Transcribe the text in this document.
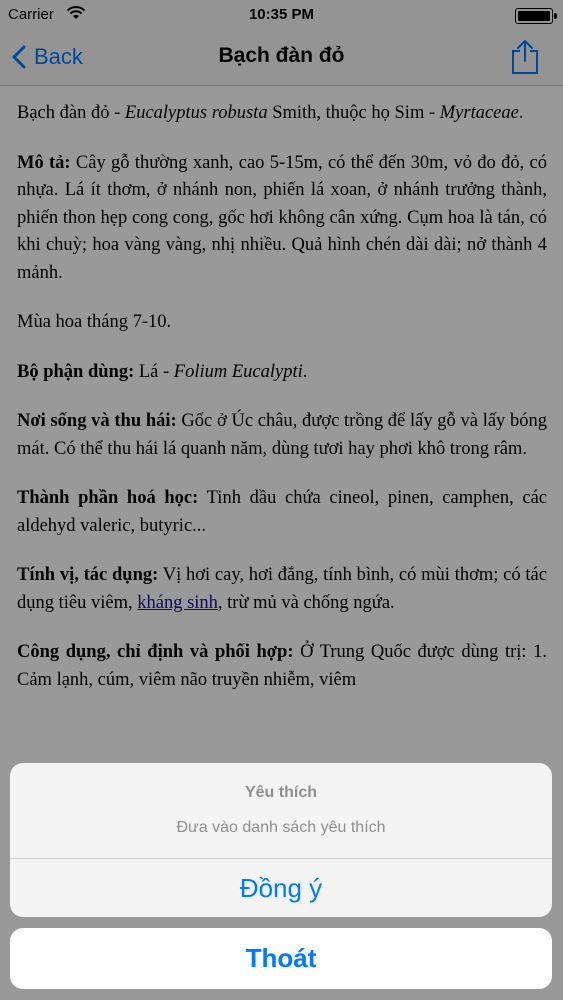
Carrier	10:35 PM
Back	Bạch đàn đỏ

Bạch đàn đỏ - Eucalyptus robusta Smith, thuộc họ Sim - Myrtaceae.

Mô tả: Cây gỗ thường xanh, cao 5-15m, có thể đến 30m, vỏ đo đỏ, có nhựa. Lá ít thơm, ở nhánh non, phiến lá xoan, ở nhánh trưởng thành, phiến thon hẹp cong cong, gốc hơi không cân xứng. Cụm hoa là tán, có khi chuỳ; hoa vàng vàng, nhị nhiều. Quả hình chén dài dài; nở thành 4 mảnh.

Mùa hoa tháng 7-10.

Bộ phận dùng: Lá - Folium Eucalypti.

Nơi sống và thu hái: Gốc ở Úc châu, được trồng để lấy gỗ và lấy bóng mát. Có thể thu hái lá quanh năm, dùng tươi hay phơi khô trong râm.

Thành phần hoá học: Tinh dầu chứa cineol, pinen, camphen, các aldehyd valeric, butyric...

Tính vị, tác dụng: Vị hơi cay, hơi đắng, tính bình, có mùi thơm; có tác dụng tiêu viêm, kháng sinh, trừ mủ và chống ngứa.

Công dụng, chỉ định và phối hợp: Ở Trung Quốc được dùng trị: 1. Cảm lạnh, cúm, viêm não truyền nhiễm, viêm

Yêu thích
Đưa vào danh sách yêu thích
Đồng ý
Thoát
